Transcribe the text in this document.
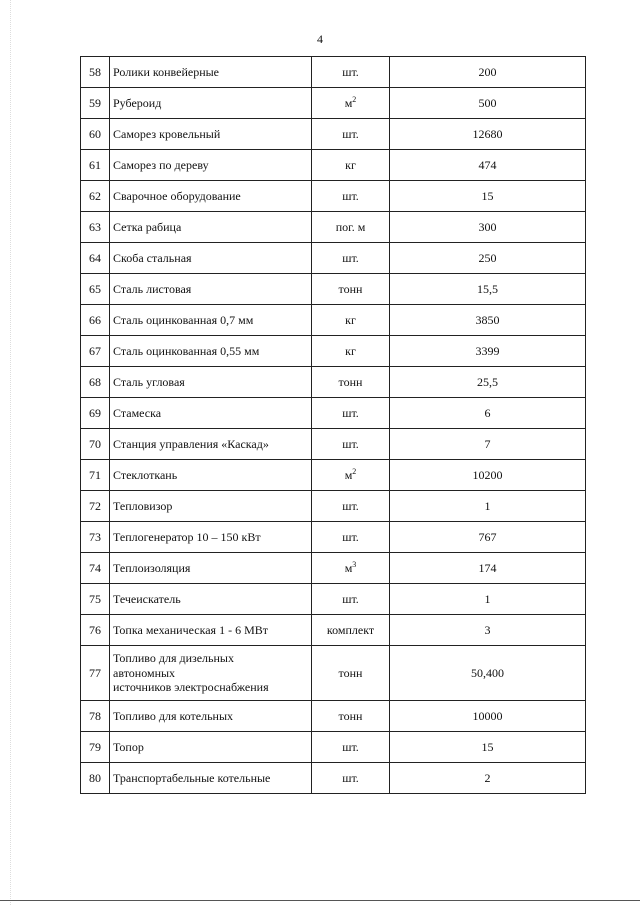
4
58	Ролики конвейерные	шт.	200
59	Рубероид	$м^2$	500
60	Саморез кровельный	шт.	12680
61	Саморез по дереву	кг	474
62	Сварочное оборудование	шт.	15
63	Сетка рабица	пог. м	300
64	Скоба стальная	шт.	250
65	Сталь листовая	тонн	15,5
66	Сталь оцинкованная 0,7 мм	кг	3850
67	Сталь оцинкованная 0,55 мм	кг	3399
68	Сталь угловая	тонн	25,5
69	Стамеска	шт.	6
70	Станция управления «Каскад»	шт.	7
71	Стеклоткань	$м^2$	10200
72	Тепловизор	шт.	1
73	Теплогенератор 10 – 150 кВт	шт.	767
74	Теплоизоляция	$м^3$	174
75	Течеискатель	шт.	1
76	Топка механическая 1 - 6 МВт	комплект	3
77	Топливо для дизельных
автономных
источников электроснабжения	тонн	50,400
78	Топливо для котельных	тонн	10000
79	Топор	шт.	15
80	Транспортабельные котельные	шт.	2
